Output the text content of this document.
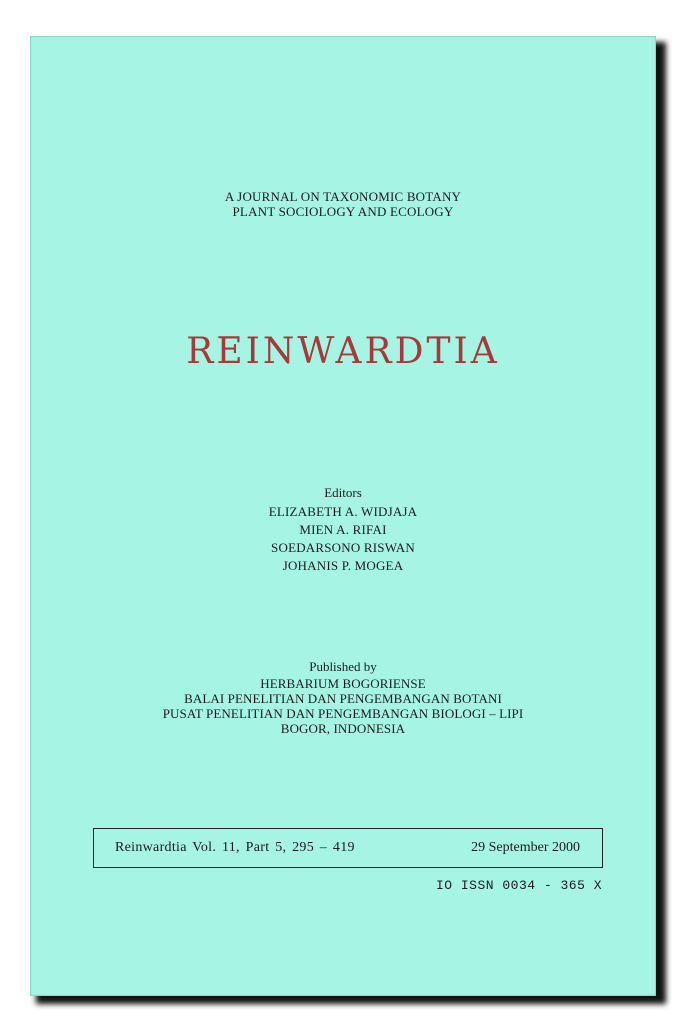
A JOURNAL ON TAXONOMIC BOTANY
PLANT SOCIOLOGY AND ECOLOGY
REINWARDTIA
Editors
ELIZABETH A. WIDJAJA
MIEN A. RIFAI
SOEDARSONO RISWAN
JOHANIS P. MOGEA
Published by
HERBARIUM BOGORIENSE
BALAI PENELITIAN DAN PENGEMBANGAN BOTANI
PUSAT PENELITIAN DAN PENGEMBANGAN BIOLOGI – LIPI
BOGOR, INDONESIA
Reinwardtia Vol. 11, Part 5, 295 – 419	29 September 2000
IO ISSN 0034 - 365 X
